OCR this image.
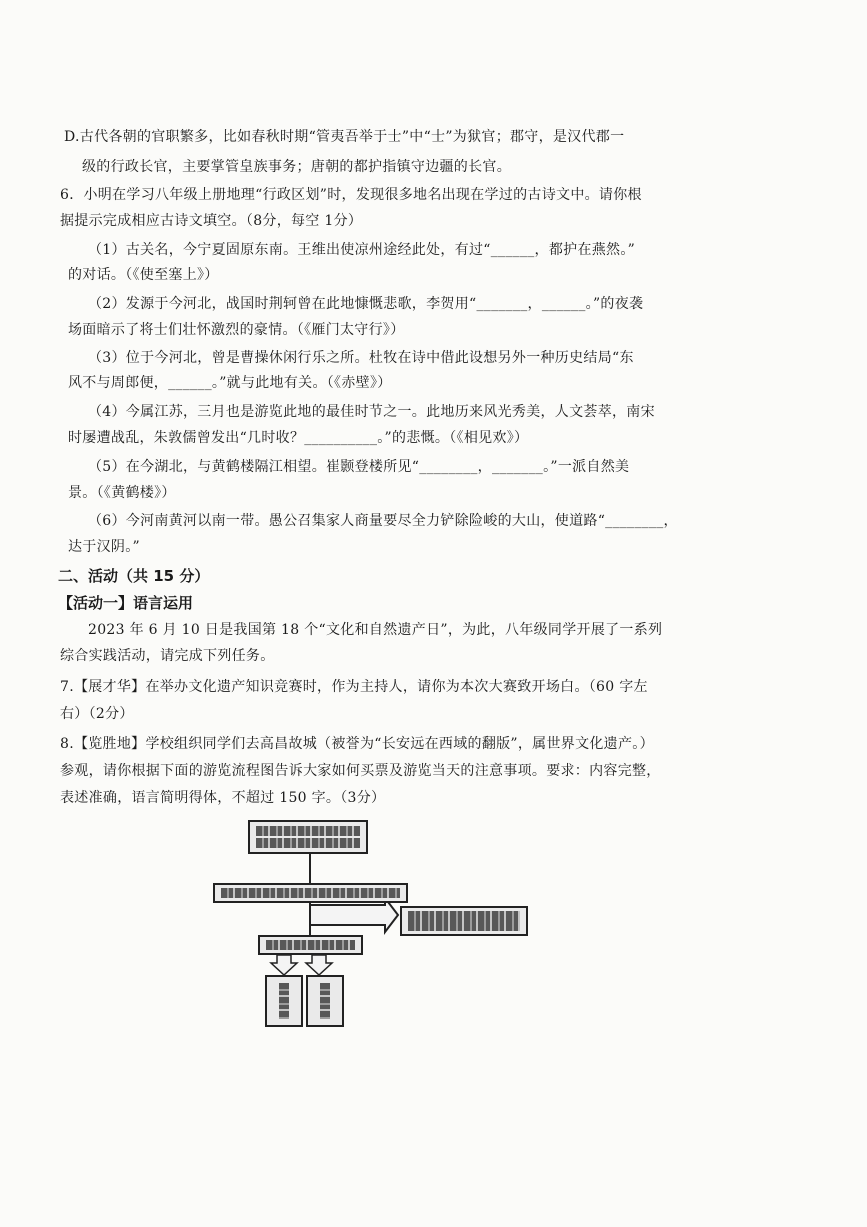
D.古代各朝的官职繁多，比如春秋时期“管夷吾举于士”中“士”为狱官；郡守，是汉代郡一
级的行政长官，主要掌管皇族事务；唐朝的都护指镇守边疆的长官。
6．小明在学习八年级上册地理“行政区划”时，发现很多地名出现在学过的古诗文中。请你根
据提示完成相应古诗文填空。（8分，每空 1分）
（1）古关名，今宁夏固原东南。王维出使凉州途经此处，有过“______，都护在燕然。”
的对话。（《使至塞上》）
（2）发源于今河北，战国时荆轲曾在此地慷慨悲歌，李贺用“_______，______。”的夜袭
场面暗示了将士们壮怀激烈的豪情。（《雁门太守行》）
（3）位于今河北，曾是曹操休闲行乐之所。杜牧在诗中借此设想另外一种历史结局“东
风不与周郎便，______。”就与此地有关。（《赤壁》）
（4）今属江苏，三月也是游览此地的最佳时节之一。此地历来风光秀美，人文荟萃，南宋
时屡遭战乱，朱敦儒曾发出“几时收？__________。”的悲慨。（《相见欢》）
（5）在今湖北，与黄鹤楼隔江相望。崔颢登楼所见“________，_______。”一派自然美
景。（《黄鹤楼》）
（6）今河南黄河以南一带。愚公召集家人商量要尽全力铲除险峻的大山，使道路“________，
达于汉阴。”
二、活动（共 15 分）
【活动一】语言运用
2023 年 6 月 10 日是我国第 18 个“文化和自然遗产日”，为此，八年级同学开展了一系列
综合实践活动，请完成下列任务。
7.【展才华】在举办文化遗产知识竞赛时，作为主持人，请你为本次大赛致开场白。（60 字左
右）（2分）
8.【览胜地】学校组织同学们去高昌故城（被誉为“长安远在西域的翻版”，属世界文化遗产。）
参观，请你根据下面的游览流程图告诉大家如何买票及游览当天的注意事项。要求：内容完整，
表述准确，语言简明得体，不超过 150 字。（3分）
